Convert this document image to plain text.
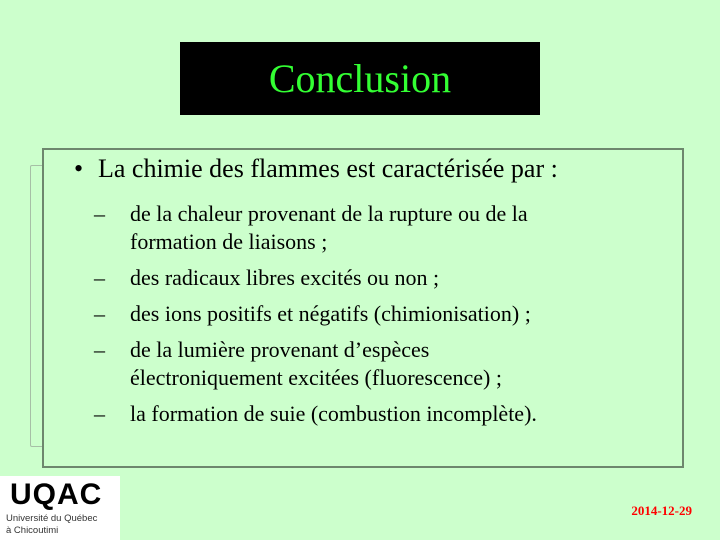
Conclusion
• La chimie des flammes est caractérisée par :
– de la chaleur provenant de la rupture ou de la
formation de liaisons ;
– des radicaux libres excités ou non ;
– des ions positifs et négatifs (chimionisation) ;
– de la lumière provenant d’espèces
électroniquement excitées (fluorescence) ;
– la formation de suie (combustion incomplète).
UQAC
Université du Québec
à Chicoutimi
2014-12-29
